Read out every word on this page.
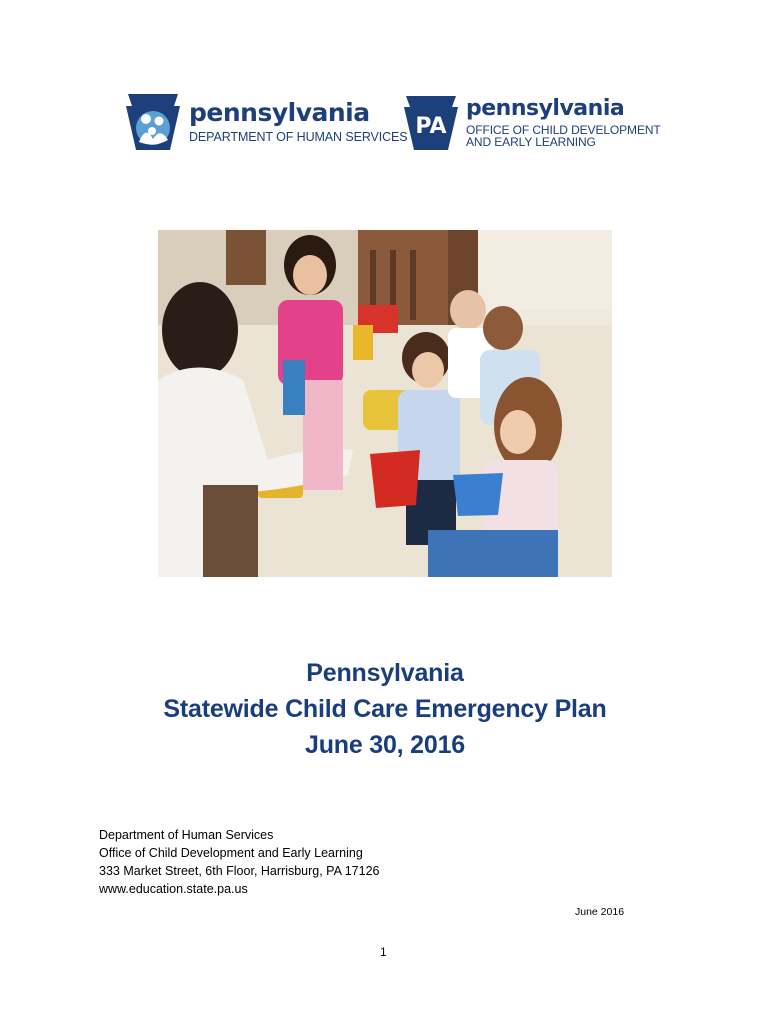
pennsylvania
DEPARTMENT OF HUMAN SERVICES PA
pennsylvania
OFFICE OF CHILD DEVELOPMENT
AND EARLY LEARNING
Pennsylvania
Statewide Child Care Emergency Plan
June 30, 2016
Department of Human Services
Office of Child Development and Early Learning
333 Market Street, 6th Floor, Harrisburg, PA 17126
www.education.state.pa.us
June 2016
1
